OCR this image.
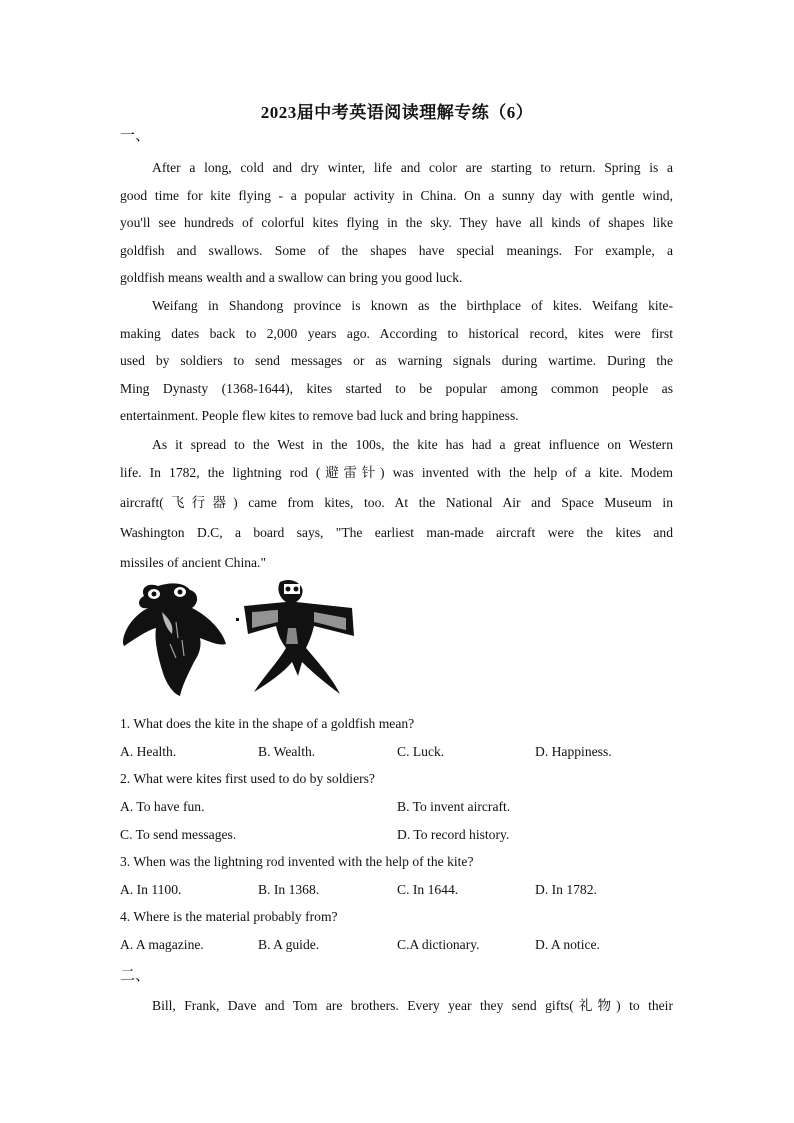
2023届中考英语阅读理解专练（6）
一、
After a long, cold and dry winter, life and color are starting to return. Spring is a
good time for kite flying - a popular activity in China. On a sunny day with gentle wind,
you'll see hundreds of colorful kites flying in the sky. They have all kinds of shapes like
goldfish and swallows. Some of the shapes have special meanings. For example, a
goldfish means wealth and a swallow can bring you good luck.
Weifang in Shandong province is known as the birthplace of kites. Weifang kite-
making dates back to 2,000 years ago. According to historical record, kites were first
used by soldiers to send messages or as warning signals during wartime. During the
Ming Dynasty (1368-1644), kites started to be popular among common people as
entertainment. People flew kites to remove bad luck and bring happiness.
As it spread to the West in the 100s, the kite has had a great influence on Western
life. In 1782, the lightning rod (避雷针) was invented with the help of a kite. Modem
aircraft(飞行器) came from kites, too. At the National Air and Space Museum in
Washington D.C, a board says, "The earliest man-made aircraft were the kites and
missiles of ancient China."
1. What does the kite in the shape of a goldfish mean?
A. Health.	B. Wealth.	C. Luck.	D. Happiness.
2. What were kites first used to do by soldiers?
A. To have fun.	B. To invent aircraft.
C. To send messages.	D. To record history.
3. When was the lightning rod invented with the help of the kite?
A. In 1100.	B. In 1368.	C. In 1644.	D. In 1782.
4. Where is the material probably from?
A. A magazine.	B. A guide.	C.A dictionary.	D. A notice.
二、
Bill, Frank, Dave and Tom are brothers. Every year they send gifts(礼物) to their
